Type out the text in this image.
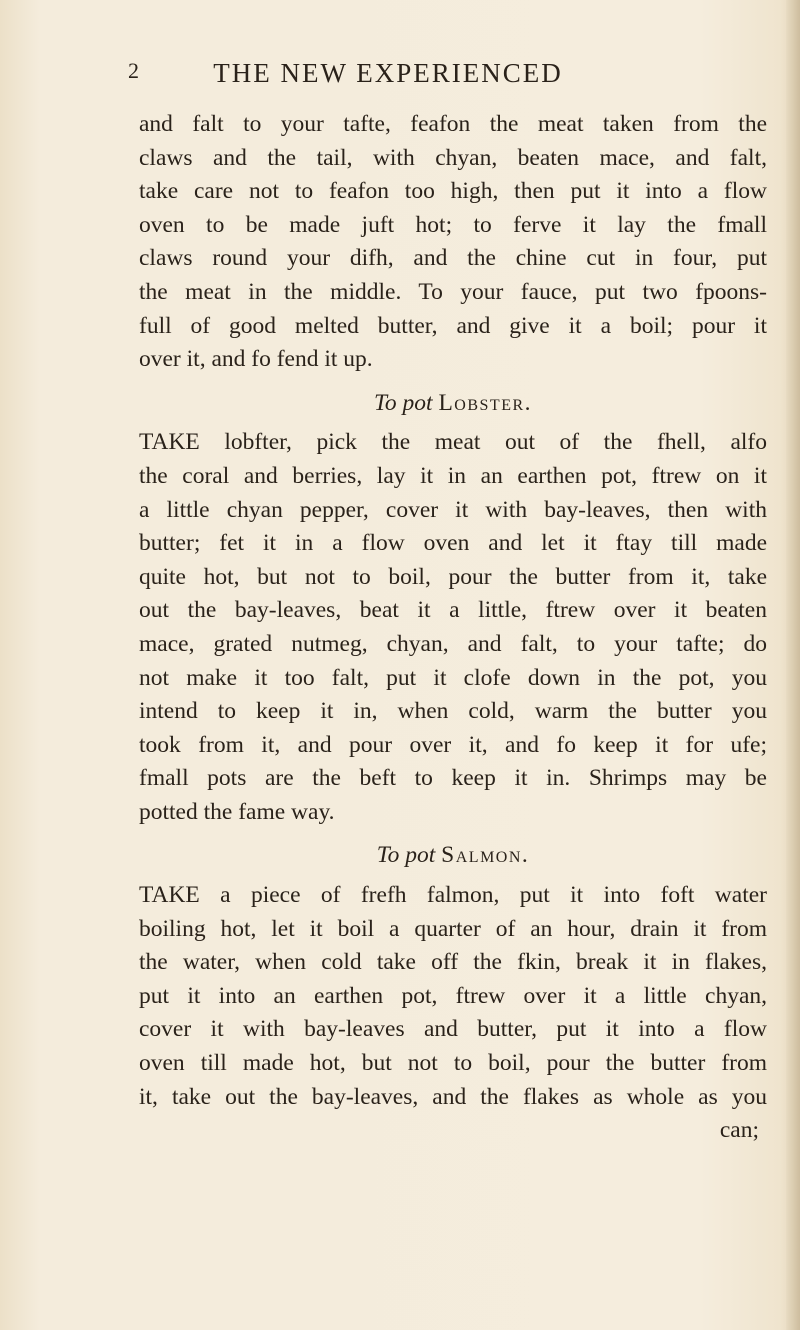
2	THE NEW EXPERIENCED
and falt to your tafte, feafon the meat taken from the
claws and the tail, with chyan, beaten mace, and falt,
take care not to feafon too high, then put it into a flow
oven to be made juft hot; to ferve it lay the fmall
claws round your difh, and the chine cut in four, put
the meat in the middle. To your fauce, put two fpoons-
full of good melted butter, and give it a boil; pour it
over it, and fo fend it up.
To pot Lobster.
TAKE lobfter, pick the meat out of the fhell, alfo
the coral and berries, lay it in an earthen pot, ftrew on it
a little chyan pepper, cover it with bay-leaves, then with
butter; fet it in a flow oven and let it ftay till made
quite hot, but not to boil, pour the butter from it, take
out the bay-leaves, beat it a little, ftrew over it beaten
mace, grated nutmeg, chyan, and falt, to your tafte; do
not make it too falt, put it clofe down in the pot, you
intend to keep it in, when cold, warm the butter you
took from it, and pour over it, and fo keep it for ufe;
fmall pots are the beft to keep it in. Shrimps may be
potted the fame way.
To pot Salmon.
TAKE a piece of frefh falmon, put it into foft water
boiling hot, let it boil a quarter of an hour, drain it from
the water, when cold take off the fkin, break it in flakes,
put it into an earthen pot, ftrew over it a little chyan,
cover it with bay-leaves and butter, put it into a flow
oven till made hot, but not to boil, pour the butter from
it, take out the bay-leaves, and the flakes as whole as you
can;
